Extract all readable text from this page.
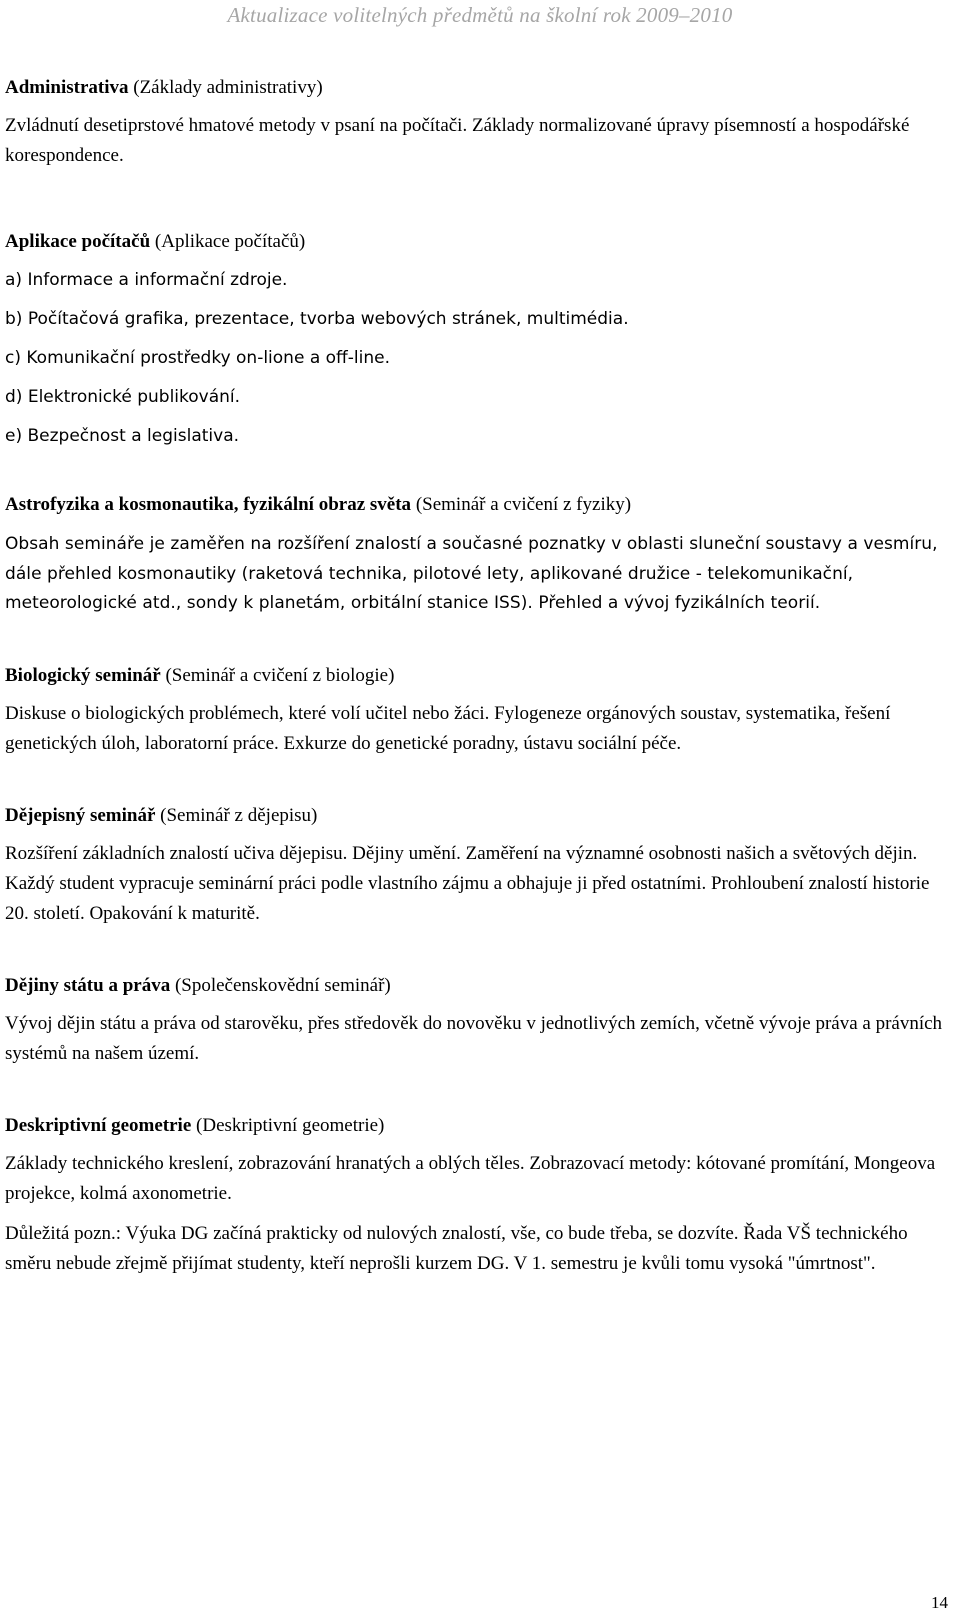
Aktualizace volitelných předmětů na školní rok 2009–2010

Administrativa (Základy administrativy)

Zvládnutí desetiprstové hmatové metody v psaní na počítači. Základy normalizované úpravy písemností a hospodářské korespondence.

Aplikace počítačů (Aplikace počítačů)

a) Informace a informační zdroje.
b) Počítačová grafika, prezentace, tvorba webových stránek, multimédia.
c) Komunikační prostředky on-lione a off-line.
d) Elektronické publikování.
e) Bezpečnost a legislativa.

Astrofyzika a kosmonautika, fyzikální obraz světa (Seminář a cvičení z fyziky)

Obsah semináře je zaměřen na rozšíření znalostí a současné poznatky v oblasti sluneční soustavy a vesmíru, dále přehled kosmonautiky (raketová technika, pilotové lety, aplikované družice - telekomunikační, meteorologické atd., sondy k planetám, orbitální stanice ISS). Přehled a vývoj fyzikálních teorií.

Biologický seminář (Seminář a cvičení z biologie)

Diskuse o biologických problémech, které volí učitel nebo žáci. Fylogeneze orgánových soustav, systematika, řešení genetických úloh, laboratorní práce. Exkurze do genetické poradny, ústavu sociální péče.

Dějepisný seminář (Seminář z dějepisu)

Rozšíření základních znalostí učiva dějepisu. Dějiny umění. Zaměření na významné osobnosti našich a světových dějin. Každý student vypracuje seminární práci podle vlastního zájmu a obhajuje ji před ostatními. Prohloubení znalostí historie 20. století. Opakování k maturitě.

Dějiny státu a práva (Společenskovědní seminář)

Vývoj dějin státu a práva od starověku, přes středověk do novověku v jednotlivých zemích, včetně vývoje práva a právních systémů na našem území.

Deskriptivní geometrie (Deskriptivní geometrie)

Základy technického kreslení, zobrazování hranatých a oblých těles. Zobrazovací metody: kótované promítání, Mongeova projekce, kolmá axonometrie.

Důležitá pozn.: Výuka DG začíná prakticky od nulových znalostí, vše, co bude třeba, se dozvíte. Řada VŠ technického směru nebude zřejmě přijímat studenty, kteří neprošli kurzem DG. V 1. semestru je kvůli tomu vysoká "úmrtnost".

14
